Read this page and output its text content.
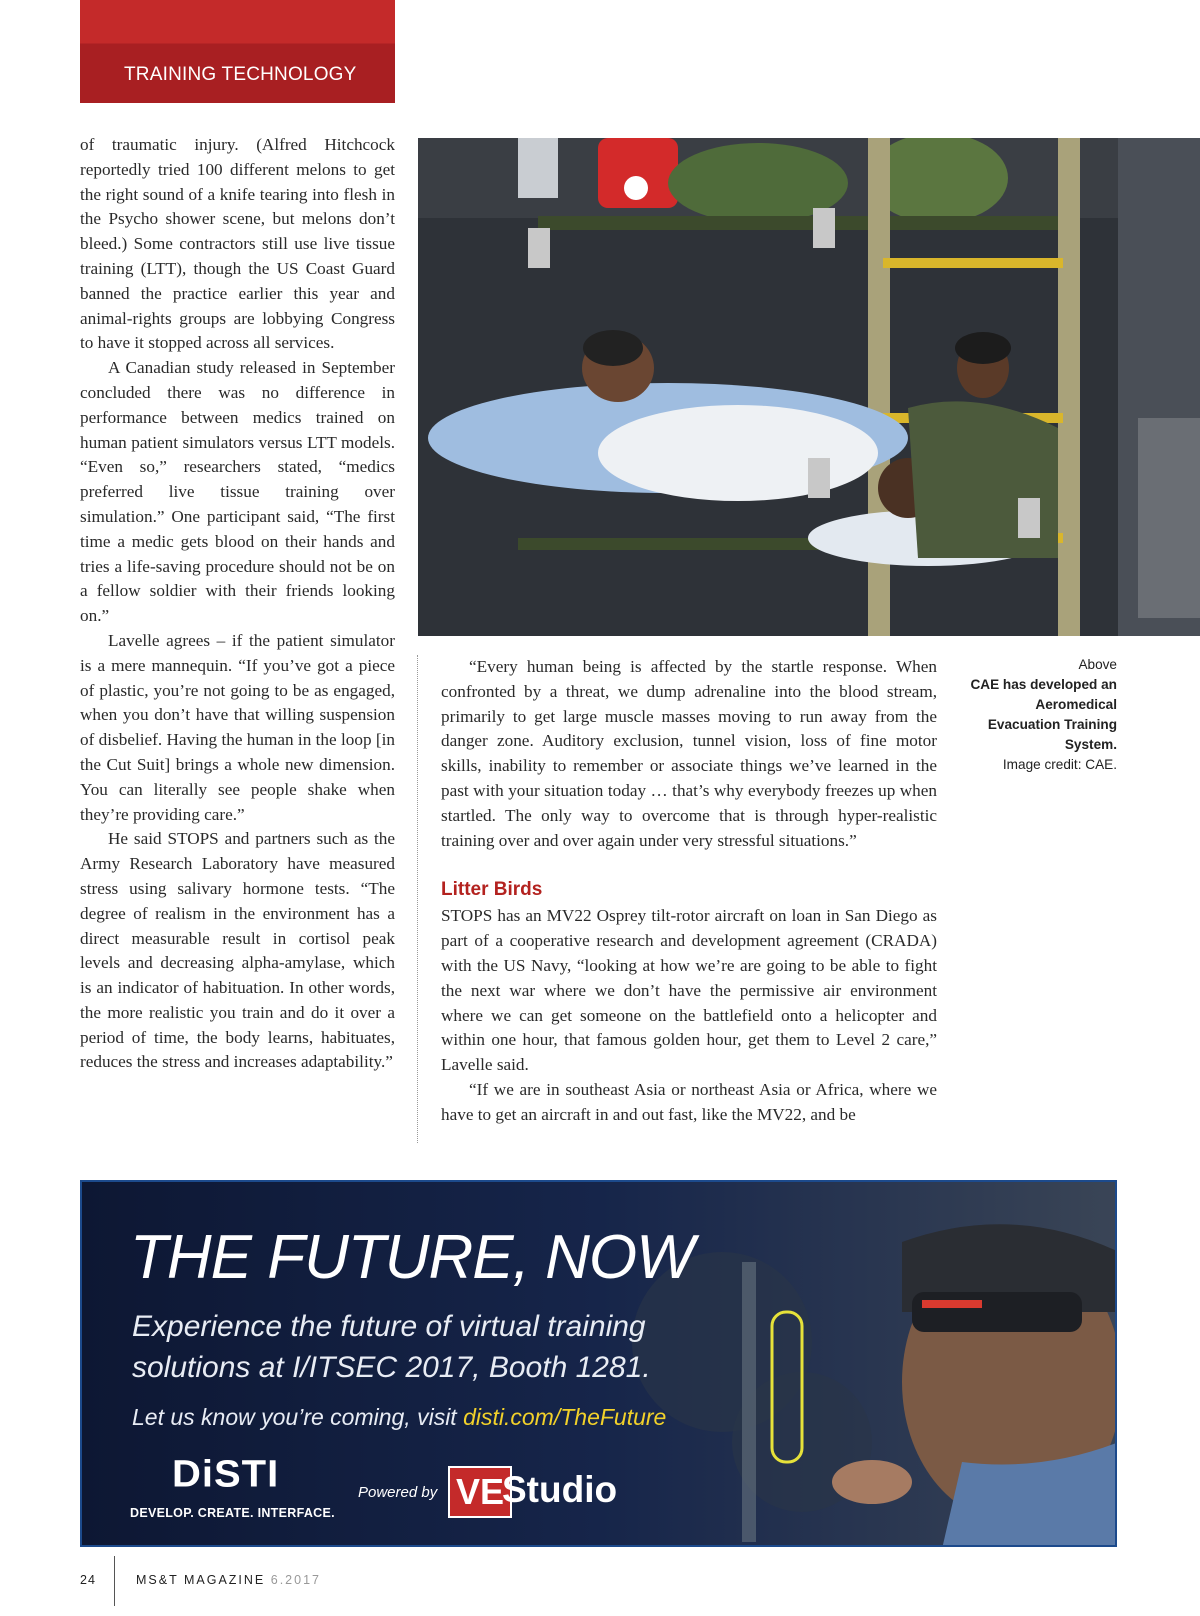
TRAINING TECHNOLOGY

of traumatic injury. (Alfred Hitchcock reportedly tried 100 different melons to get the right sound of a knife tearing into flesh in the Psycho shower scene, but melons don’t bleed.) Some contractors still use live tissue training (LTT), though the US Coast Guard banned the practice earlier this year and animal-rights groups are lobbying Congress to have it stopped across all services.

A Canadian study released in September concluded there was no difference in performance between medics trained on human patient simulators versus LTT models. “Even so,” researchers stated, “medics preferred live tissue training over simulation.” One participant said, “The first time a medic gets blood on their hands and tries a life-saving procedure should not be on a fellow soldier with their friends looking on.”

Lavelle agrees – if the patient simulator is a mere mannequin. “If you’ve got a piece of plastic, you’re not going to be as engaged, when you don’t have that willing suspension of disbelief. Having the human in the loop [in the Cut Suit] brings a whole new dimension. You can literally see people shake when they’re providing care.”

He said STOPS and partners such as the Army Research Laboratory have measured stress using salivary hormone tests. “The degree of realism in the environment has a direct measurable result in cortisol peak levels and decreasing alpha-amylase, which is an indicator of habituation. In other words, the more realistic you train and do it over a period of time, the body learns, habituates, reduces the stress and increases adaptability.”

“Every human being is affected by the startle response. When confronted by a threat, we dump adrenaline into the blood stream, primarily to get large muscle masses moving to run away from the danger zone. Auditory exclusion, tunnel vision, loss of fine motor skills, inability to remember or associate things we’ve learned in the past with your situation today … that’s why everybody freezes up when startled. The only way to overcome that is through hyper-realistic training over and over again under very stressful situations.”

Litter Birds

STOPS has an MV22 Osprey tilt-rotor aircraft on loan in San Diego as part of a cooperative research and development agreement (CRADA) with the US Navy, “looking at how we’re are going to be able to fight the next war where we don’t have the permissive air environment where we can get someone on the battlefield onto a helicopter and within one hour, that famous golden hour, get them to Level 2 care,” Lavelle said.

“If we are in southeast Asia or northeast Asia or Africa, where we have to get an aircraft in and out fast, like the MV22, and be

Above
CAE has developed an Aeromedical Evacuation Training System.
Image credit: CAE.
THE FUTURE, NOW
Experience the future of virtual training solutions at I/ITSEC 2017, Booth 1281.
Let us know you’re coming, visit disti.com/TheFuture
DiSTI
DEVELOP. CREATE. INTERFACE.
Powered by VE
Studio
24	MS&T MAGAZINE 6.2017
